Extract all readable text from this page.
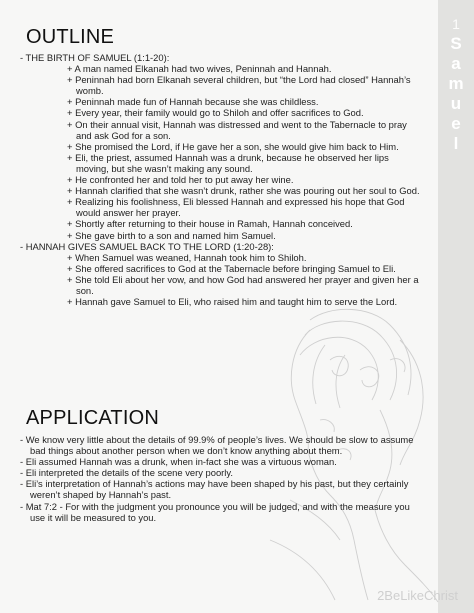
1
S
a
m
u
e
l
OUTLINE
- THE BIRTH OF SAMUEL (1:1-20):
+ A man named Elkanah had two wives, Peninnah and Hannah.
+ Peninnah had born Elkanah several children, but “the Lord had closed” Hannah’s womb.
+ Peninnah made fun of Hannah because she was childless.
+ Every year, their family would go to Shiloh and offer sacrifices to God.
+ On their annual visit, Hannah was distressed and went to the Tabernacle to pray and ask God for a son.
+ She promised the Lord, if He gave her a son, she would give him back to Him.
+ Eli, the priest, assumed Hannah was a drunk, because he observed her lips moving, but she wasn’t making any sound.
+ He confronted her and told her to put away her wine.
+ Hannah clarified that she wasn’t drunk, rather she was pouring out her soul to God.
+ Realizing his foolishness, Eli blessed Hannah and expressed his hope that God would answer her prayer.
+ Shortly after returning to their house in Ramah, Hannah conceived.
+ She gave birth to a son and named him Samuel.
- HANNAH GIVES SAMUEL BACK TO THE LORD (1:20-28):
+ When Samuel was weaned, Hannah took him to Shiloh.
+ She offered sacrifices to God at the Tabernacle before bringing Samuel to Eli.
+ She told Eli about her vow, and how God had answered her prayer and given her a son.
+ Hannah gave Samuel to Eli, who raised him and taught him to serve the Lord.
APPLICATION
- We know very little about the details of 99.9% of people’s lives. We should be slow to assume bad things about another person when we don’t know anything about them.
- Eli assumed Hannah was a drunk, when in-fact she was a virtuous woman.
- Eli interpreted the details of the scene very poorly.
- Eli’s interpretation of Hannah’s actions may have been shaped by his past, but they certainly weren’t shaped by Hannah’s past.
- Mat 7:2 - For with the judgment you pronounce you will be judged, and with the measure you use it will be measured to you.
2BeLikeChrist
